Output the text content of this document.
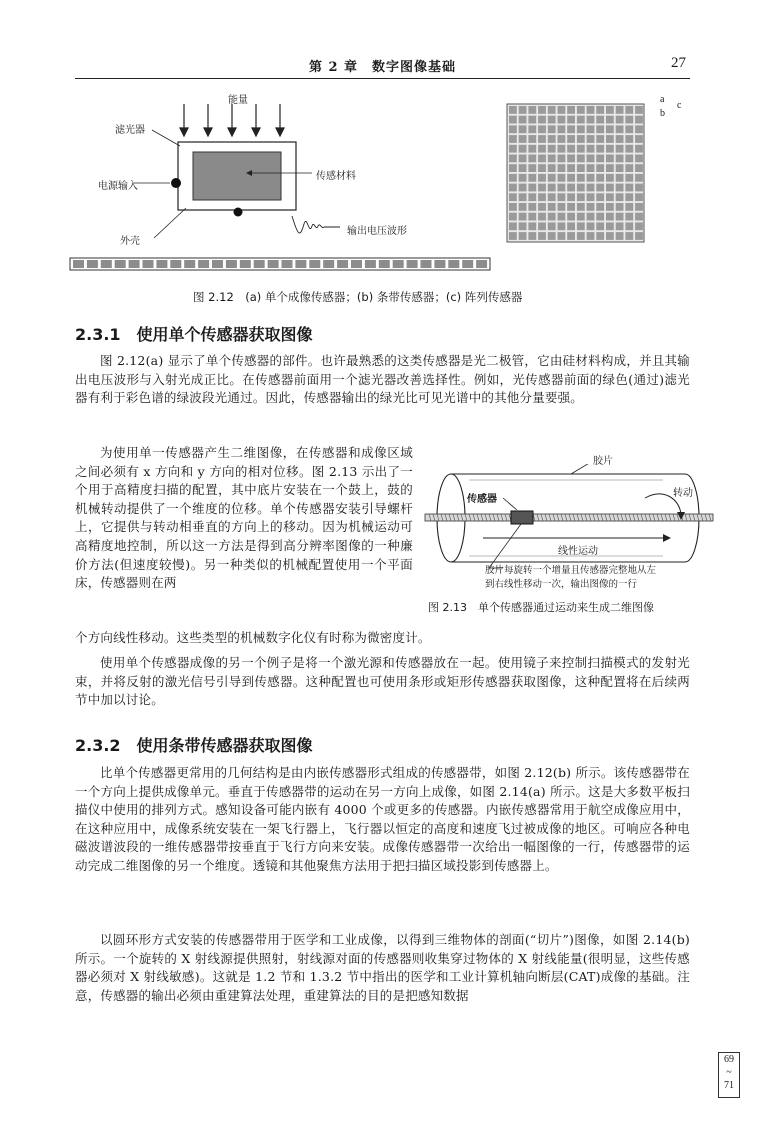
第 2 章　数字图像基础	27
能量
滤光器
电源输入
传感材料
外壳
输出电压波形
a
b
c
图 2.12　(a) 单个成像传感器；(b) 条带传感器；(c) 阵列传感器
2.3.1　使用单个传感器获取图像

图 2.12(a) 显示了单个传感器的部件。也许最熟悉的这类传感器是光二极管，它由硅材料构成，并且其输出电压波形与入射光成正比。在传感器前面用一个滤光器改善选择性。例如，光传感器前面的绿色(通过)滤光器有利于彩色谱的绿波段光通过。因此，传感器输出的绿光比可见光谱中的其他分量要强。

为使用单一传感器产生二维图像，在传感器和成像区域之间必须有 x 方向和 y 方向的相对位移。图 2.13 示出了一个用于高精度扫描的配置，其中底片安装在一个鼓上，鼓的机械转动提供了一个维度的位移。单个传感器安装引导螺杆上，它提供与转动相垂直的方向上的移动。因为机械运动可高精度地控制，所以这一方法是得到高分辨率图像的一种廉价方法(但速度较慢)。另一种类似的机械配置使用一个平面床，传感器则在两

个方向线性移动。这些类型的机械数字化仪有时称为微密度计。

使用单个传感器成像的另一个例子是将一个激光源和传感器放在一起。使用镜子来控制扫描模式的发射光束，并将反射的激光信号引导到传感器。这种配置也可使用条形或矩形传感器获取图像，这种配置将在后续两节中加以讨论。

胶片
传感器
转动
线性运动
胶片每旋转一个增量且传感器完整地从左
到右线性移动一次，输出图像的一行
图 2.13　单个传感器通过运动来生成二维图像
2.3.2　使用条带传感器获取图像

比单个传感器更常用的几何结构是由内嵌传感器形式组成的传感器带，如图 2.12(b) 所示。该传感器带在一个方向上提供成像单元。垂直于传感器带的运动在另一方向上成像，如图 2.14(a) 所示。这是大多数平板扫描仪中使用的排列方式。感知设备可能内嵌有 4000 个或更多的传感器。内嵌传感器常用于航空成像应用中，在这种应用中，成像系统安装在一架飞行器上，飞行器以恒定的高度和速度飞过被成像的地区。可响应各种电磁波谱波段的一维传感器带按垂直于飞行方向来安装。成像传感器带一次给出一幅图像的一行，传感器带的运动完成二维图像的另一个维度。透镜和其他聚焦方法用于把扫描区域投影到传感器上。

以圆环形方式安装的传感器带用于医学和工业成像，以得到三维物体的剖面(“切片”)图像，如图 2.14(b) 所示。一个旋转的 X 射线源提供照射，射线源对面的传感器则收集穿过物体的 X 射线能量(很明显，这些传感器必须对 X 射线敏感)。这就是 1.2 节和 1.3.2 节中指出的医学和工业计算机轴向断层(CAT)成像的基础。注意，传感器的输出必须由重建算法处理，重建算法的目的是把感知数据

69
~
71
